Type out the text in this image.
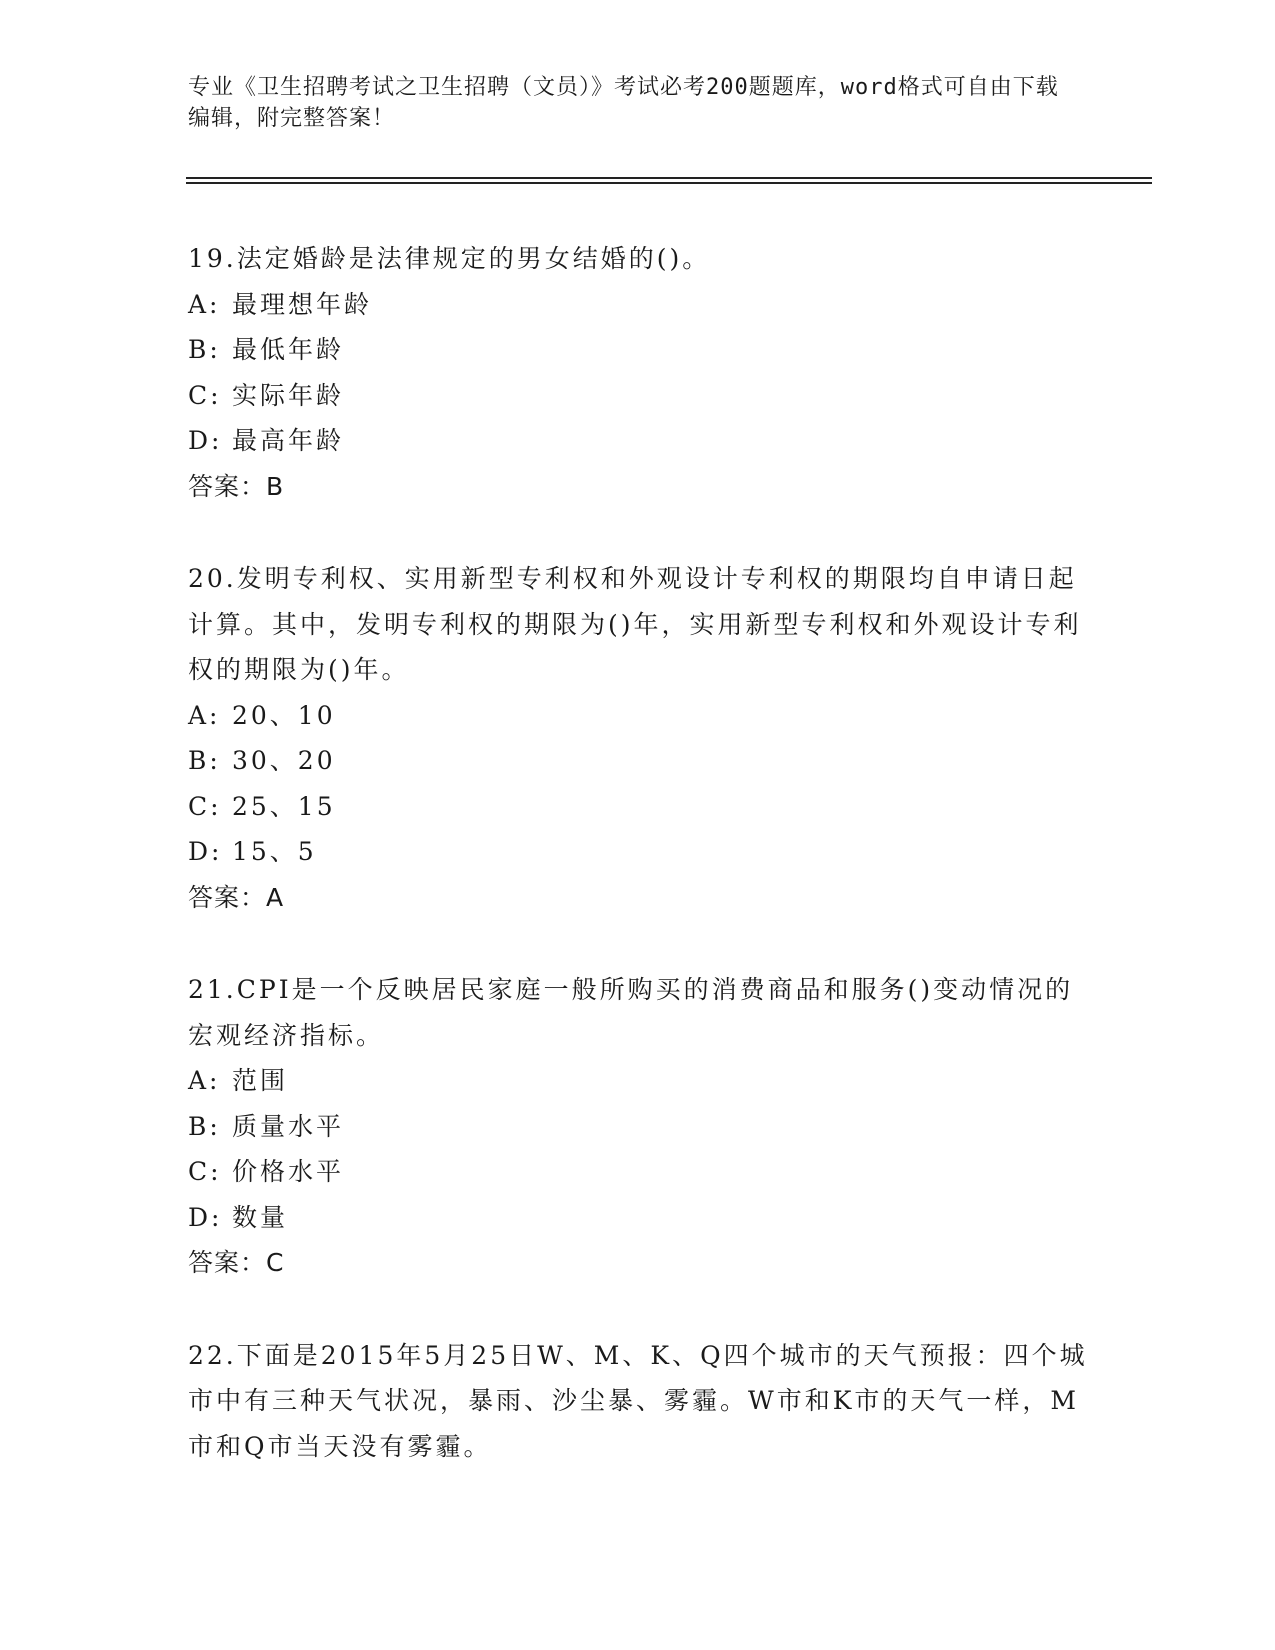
专业《卫生招聘考试之卫生招聘（文员）》考试必考200题题库，word格式可自由下载编辑，附完整答案！

19.法定婚龄是法律规定的男女结婚的()。

A: 最理想年龄

B: 最低年龄

C: 实际年龄

D: 最高年龄

答案：B

20.发明专利权、实用新型专利权和外观设计专利权的期限均自申请日起计算。其中，发明专利权的期限为()年，实用新型专利权和外观设计专利权的期限为()年。

A: 20、10

B: 30、20

C: 25、15

D: 15、5

答案：A

21.CPI是一个反映居民家庭一般所购买的消费商品和服务()变动情况的宏观经济指标。

A: 范围

B: 质量水平

C: 价格水平

D: 数量

答案：C

22.下面是2015年5月25日W、M、K、Q四个城市的天气预报：四个城市中有三种天气状况，暴雨、沙尘暴、雾霾。W市和K市的天气一样，M市和Q市当天没有雾霾。
